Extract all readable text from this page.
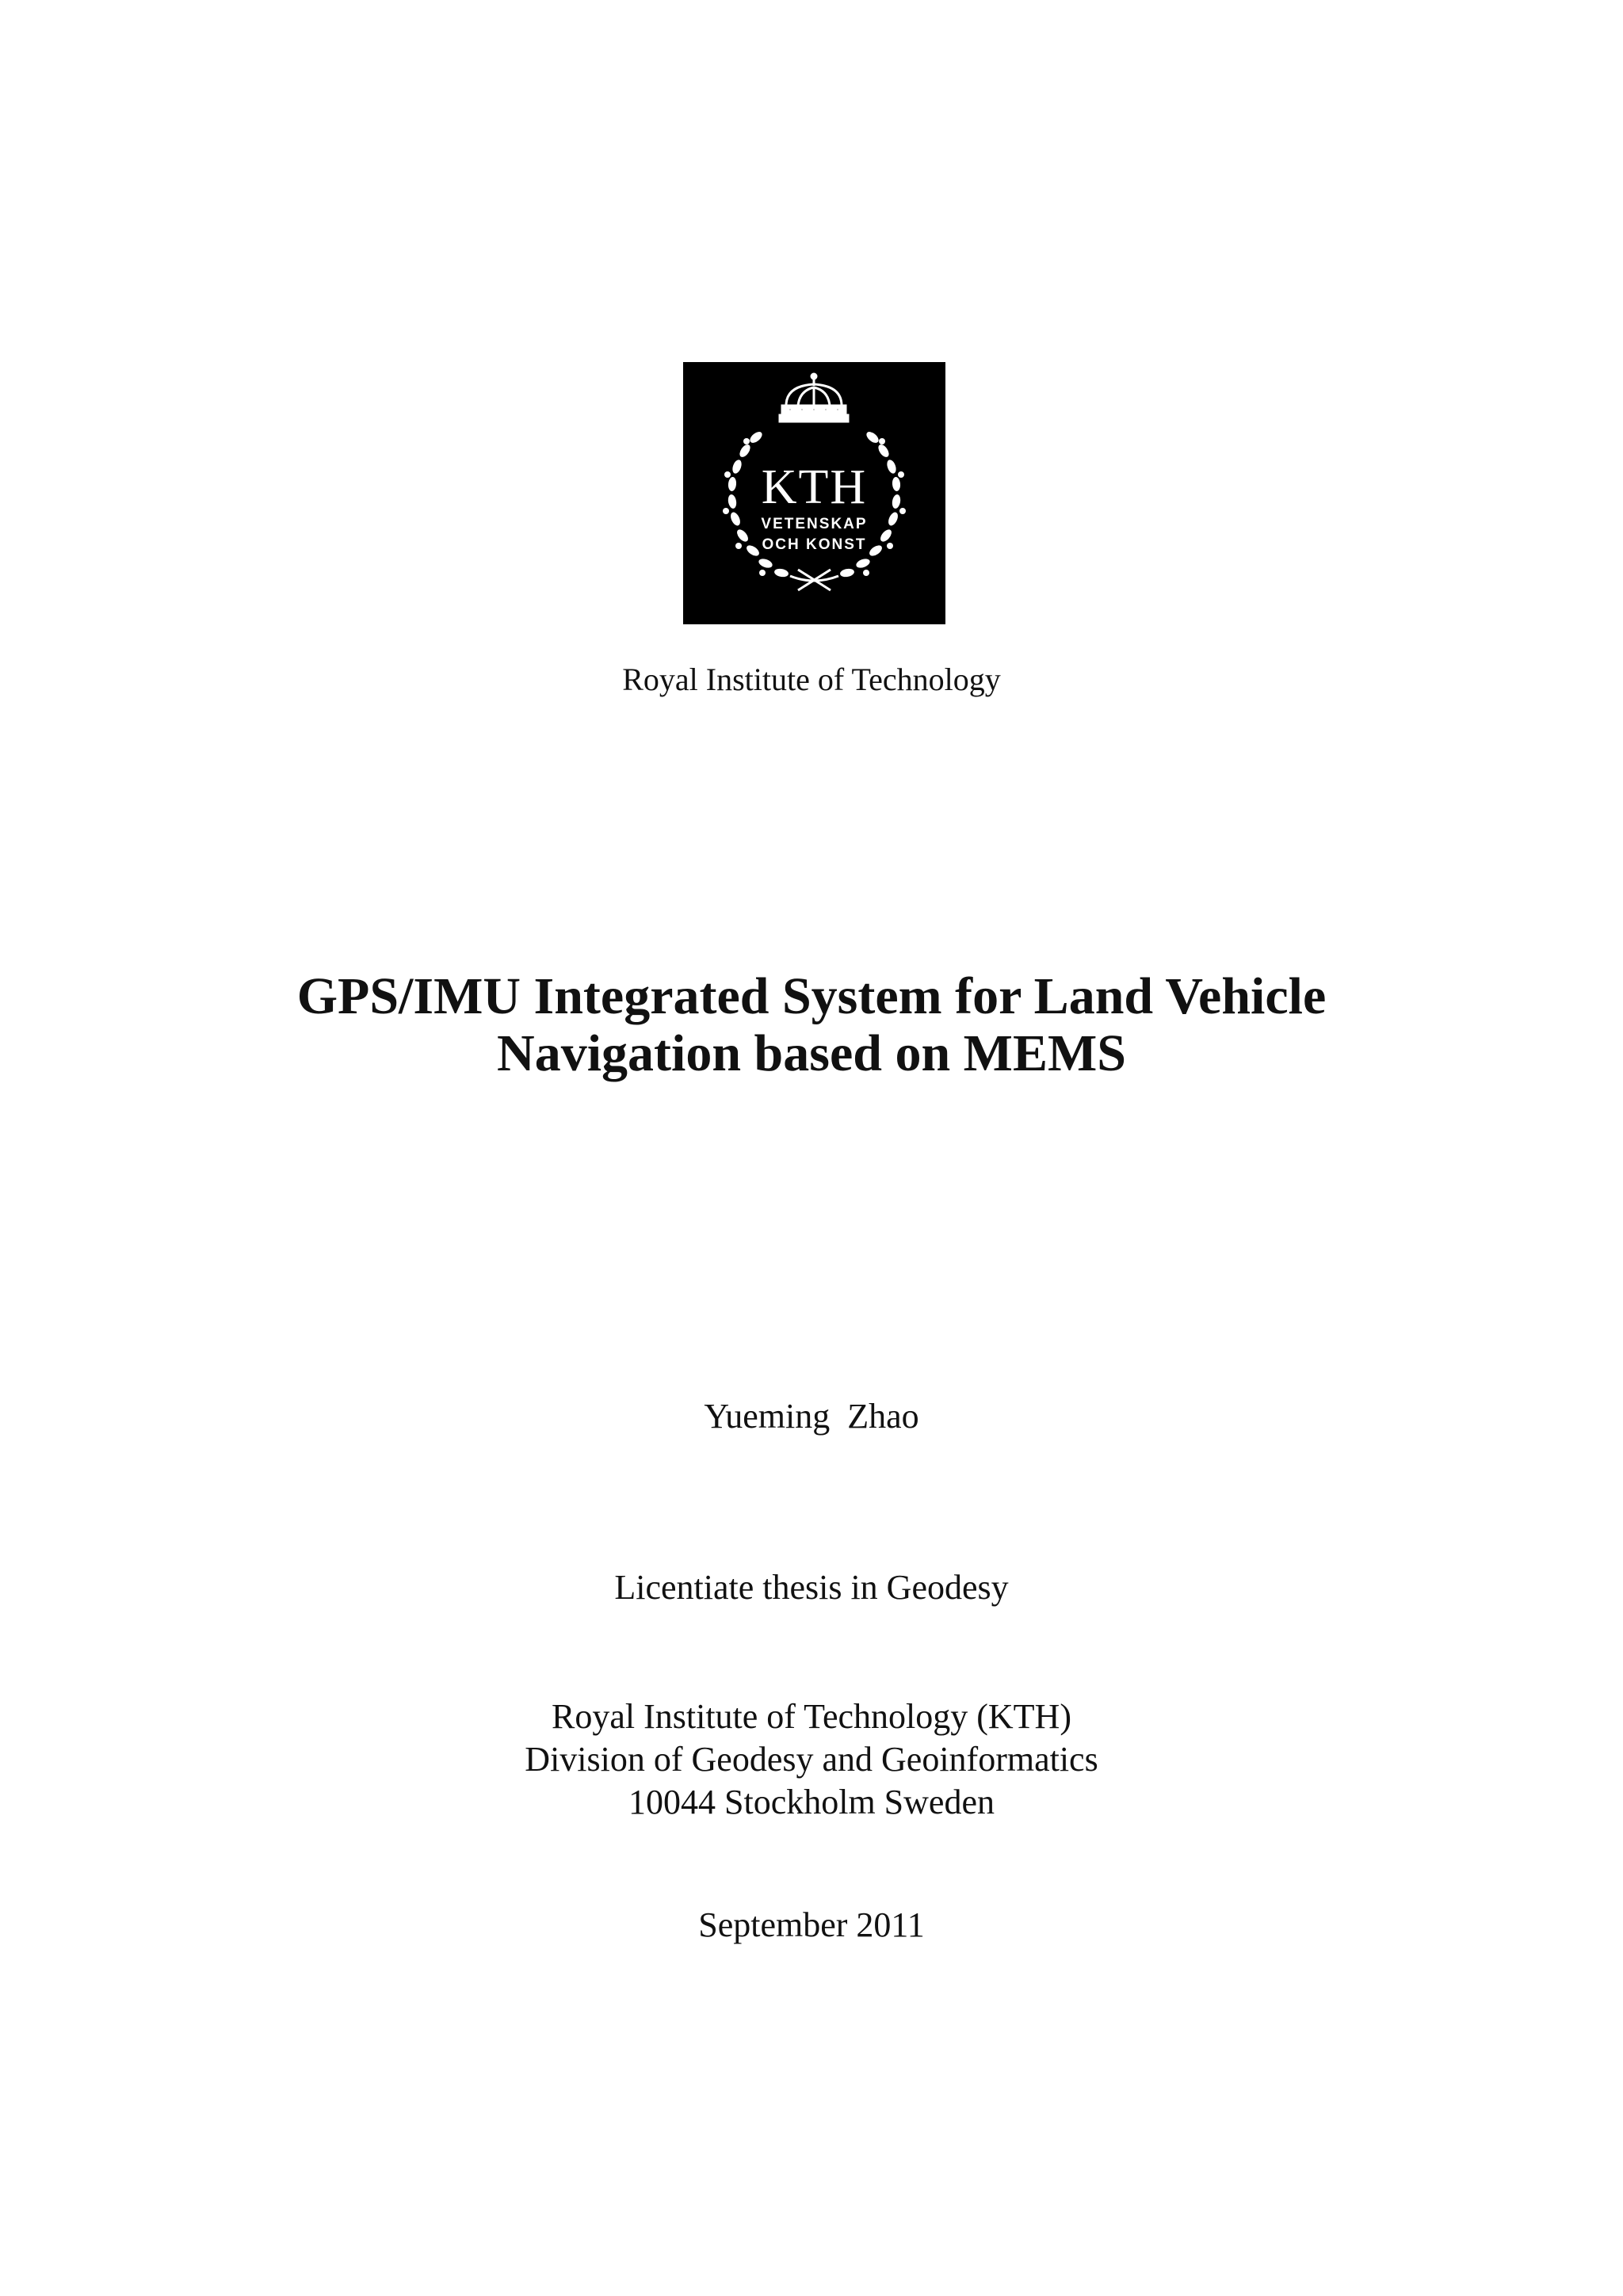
KTH
VETENSKAP
OCH KONST
Royal Institute of Technology
GPS/IMU Integrated System for Land Vehicle
Navigation based on MEMS
Yueming  Zhao
Licentiate thesis in Geodesy
Royal Institute of Technology (KTH)
Division of Geodesy and Geoinformatics
10044 Stockholm Sweden
September 2011
